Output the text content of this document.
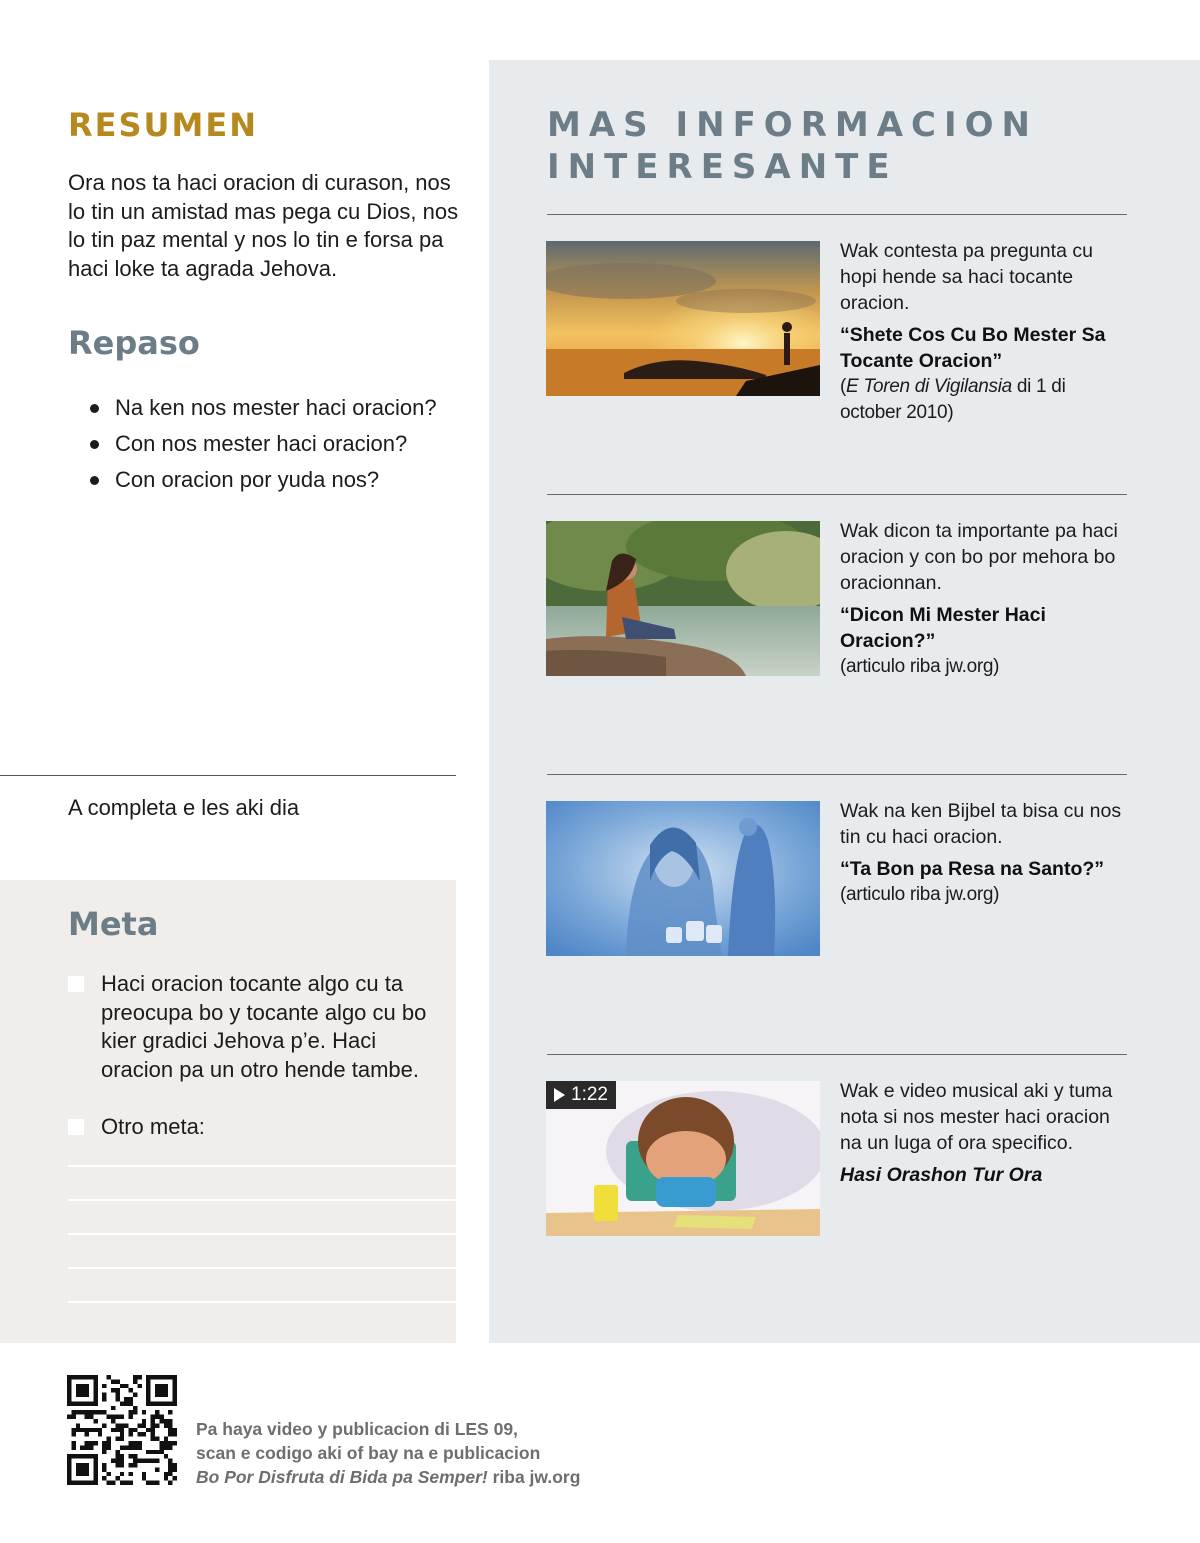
MAS INFORMACION
INTERESANTE

Wak contesta pa pregunta cu hopi hende sa haci tocante oracion.

“Shete Cos Cu Bo Mester Sa Tocante Oracion”

(E Toren di Vigilansia di 1 di october 2010)

Wak dicon ta importante pa haci oracion y con bo por mehora bo oracionnan.

“Dicon Mi Mester Haci Oracion?”

(articulo riba jw.org)

Wak na ken Bijbel ta bisa cu nos tin cu haci oracion.

“Ta Bon pa Resa na Santo?”

(articulo riba jw.org)

1:22	Wak e video musical aki y tuma nota si nos mester haci oracion na un luga of ora specifico.

Hasi Orashon Tur Ora

RESUMEN
Ora nos ta haci oracion di curason, nos lo tin un amistad mas pega cu Dios, nos lo tin paz mental y nos lo tin e forsa pa haci loke ta agrada Jehova.
Repaso
Na ken nos mester haci oracion?
Con nos mester haci oracion?
Con oracion por yuda nos?
A completa e les aki dia
Meta
Haci oracion tocante algo cu ta preocupa bo y tocante algo cu bo kier gradici Jehova p’e. Haci oracion pa un otro hende tambe.
Otro meta:
Pa haya video y publicacion di LES 09,
scan e codigo aki of bay na e publicacion
Bo Por Disfruta di Bida pa Semper! riba jw.org
